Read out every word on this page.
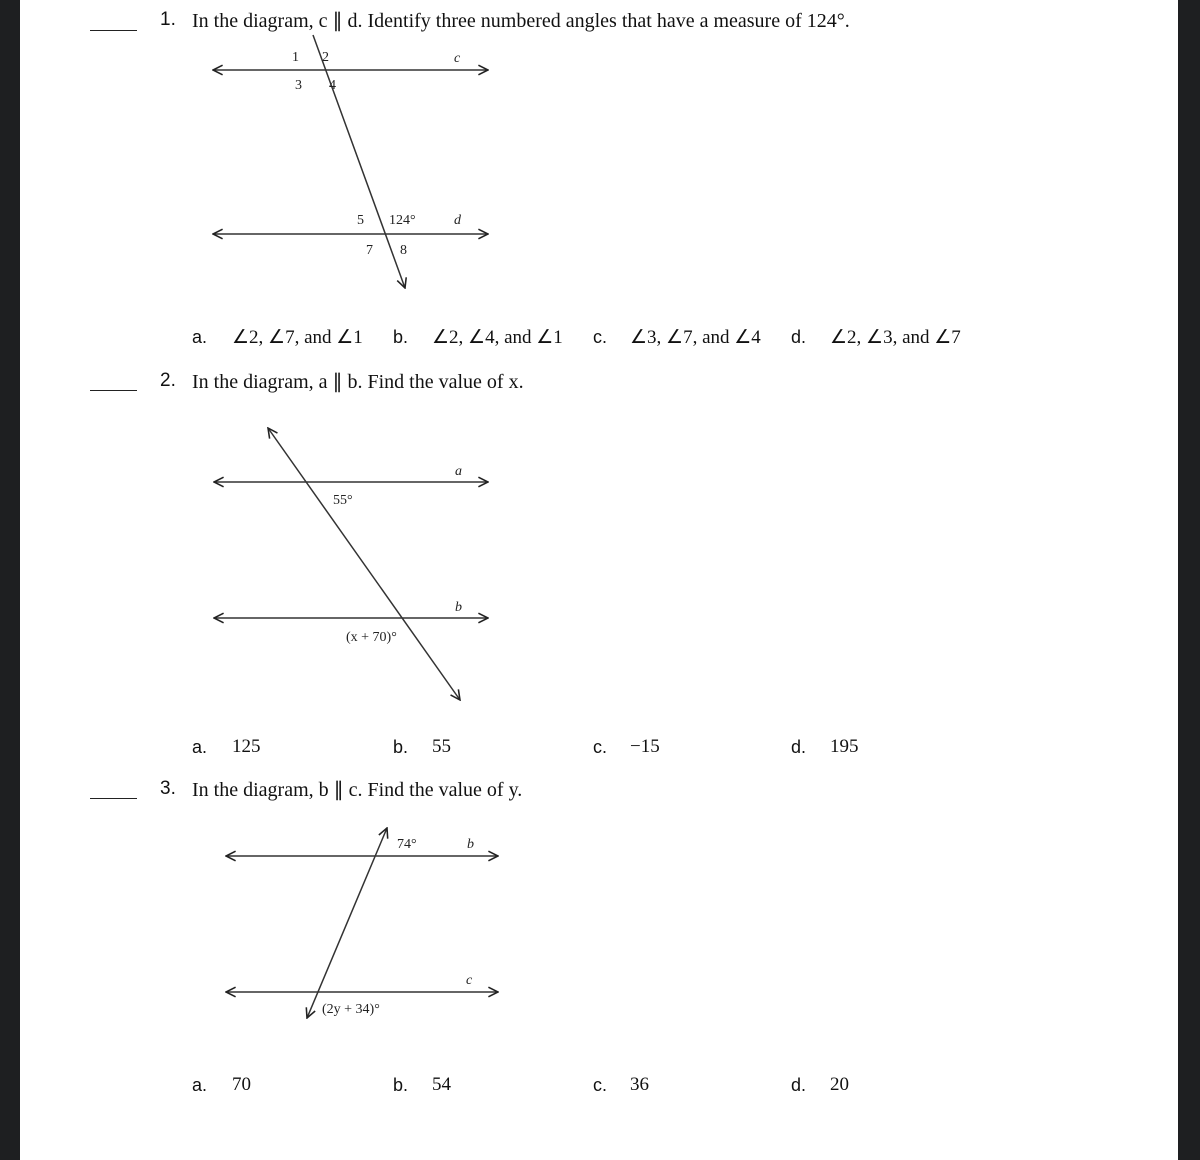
1. In the diagram, c ∥ d. Identify three numbered angles that have a measure of 124°.
1 2
3 4
c
5 124°	d
7 8
a
55°
b
(x + 70)°
74°	b
c
(2y + 34)°
a. ∠2, ∠7, and ∠1 b. ∠2, ∠4, and ∠1 c. ∠3, ∠7, and ∠4 d. ∠2, ∠3, and ∠7
2. In the diagram, a ∥ b. Find the value of x.
a. 125	b. 55	c. −15	d. 195
3. In the diagram, b ∥ c. Find the value of y.
a. 70	b. 54	c. 36	d. 20
